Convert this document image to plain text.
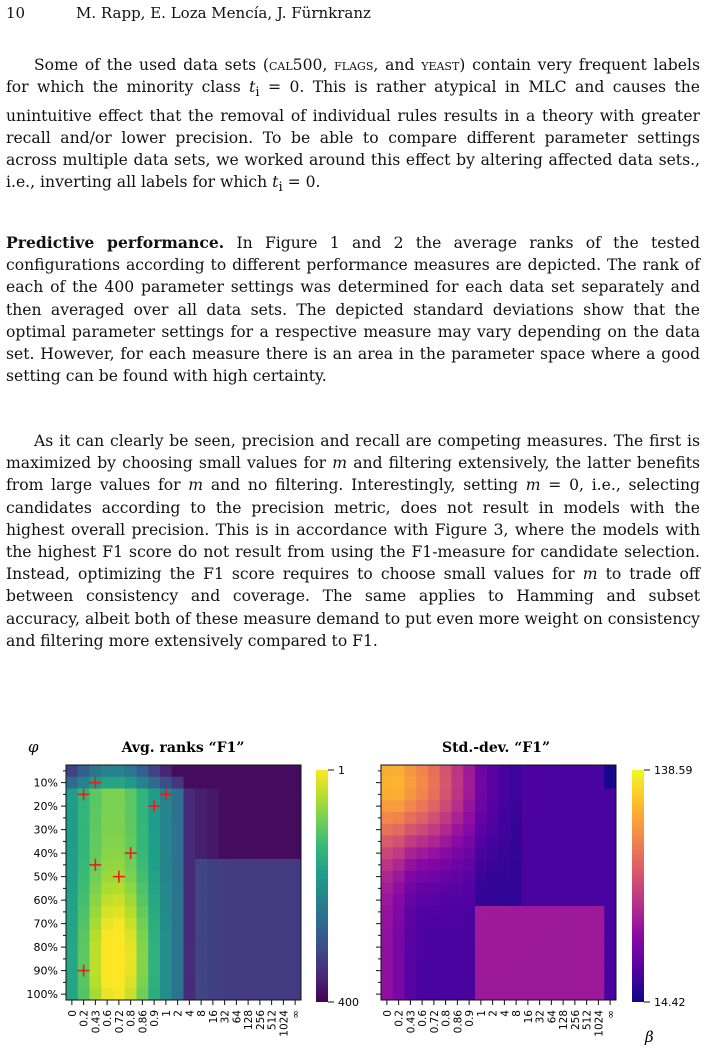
10	M. Rapp, E. Loza Mencía, J. Fürnkranz
Some of the used data sets (cal500, flags, and yeast) contain very frequent labels for which the minority class $t_i = 0$. This is rather atypical in MLC and causes the unintuitive effect that the removal of individual rules results in a theory with greater recall and/or lower precision. To be able to compare different parameter settings across multiple data sets, we worked around this effect by altering affected data sets., i.e., inverting all labels for which $t_i = 0$.
Predictive performance. In Figure 1 and 2 the average ranks of the tested configurations according to different performance measures are depicted. The rank of each of the 400 parameter settings was determined for each data set separately and then averaged over all data sets. The depicted standard deviations show that the optimal parameter settings for a respective measure may vary depending on the data set. However, for each measure there is an area in the parameter space where a good setting can be found with high certainty.
As it can clearly be seen, precision and recall are competing measures. The first is maximized by choosing small values for m and filtering extensively, the latter benefits from large values for m and no filtering. Interestingly, setting m = 0, i.e., selecting candidates according to the precision metric, does not result in models with the highest overall precision. This is in accordance with Figure 3, where the models with the highest F1 score do not result from using the F1-measure for candidate selection. Instead, optimizing the F1 score requires to choose small values for m to trade off between consistency and coverage. The same applies to Hamming and subset accuracy, albeit both of these measure demand to put even more weight on consistency and filtering more extensively compared to F1.
0 0.2 0.43 0.6 0.72 0.8 0.86 0.9 1 2 4 8 16 32 64 128 256 512 1024 ∞
10%
20%
30%
40%
50%
60%
70%
80%
90%
100%
0 0.2 0.43 0.6 0.72 0.8 0.86 0.9 1 2 4 8 16 32 64 128 256 512 1024 ∞
Avg. ranks “F1”	Std.-dev. “F1”
φ
β
1
400
138.59
14.42
